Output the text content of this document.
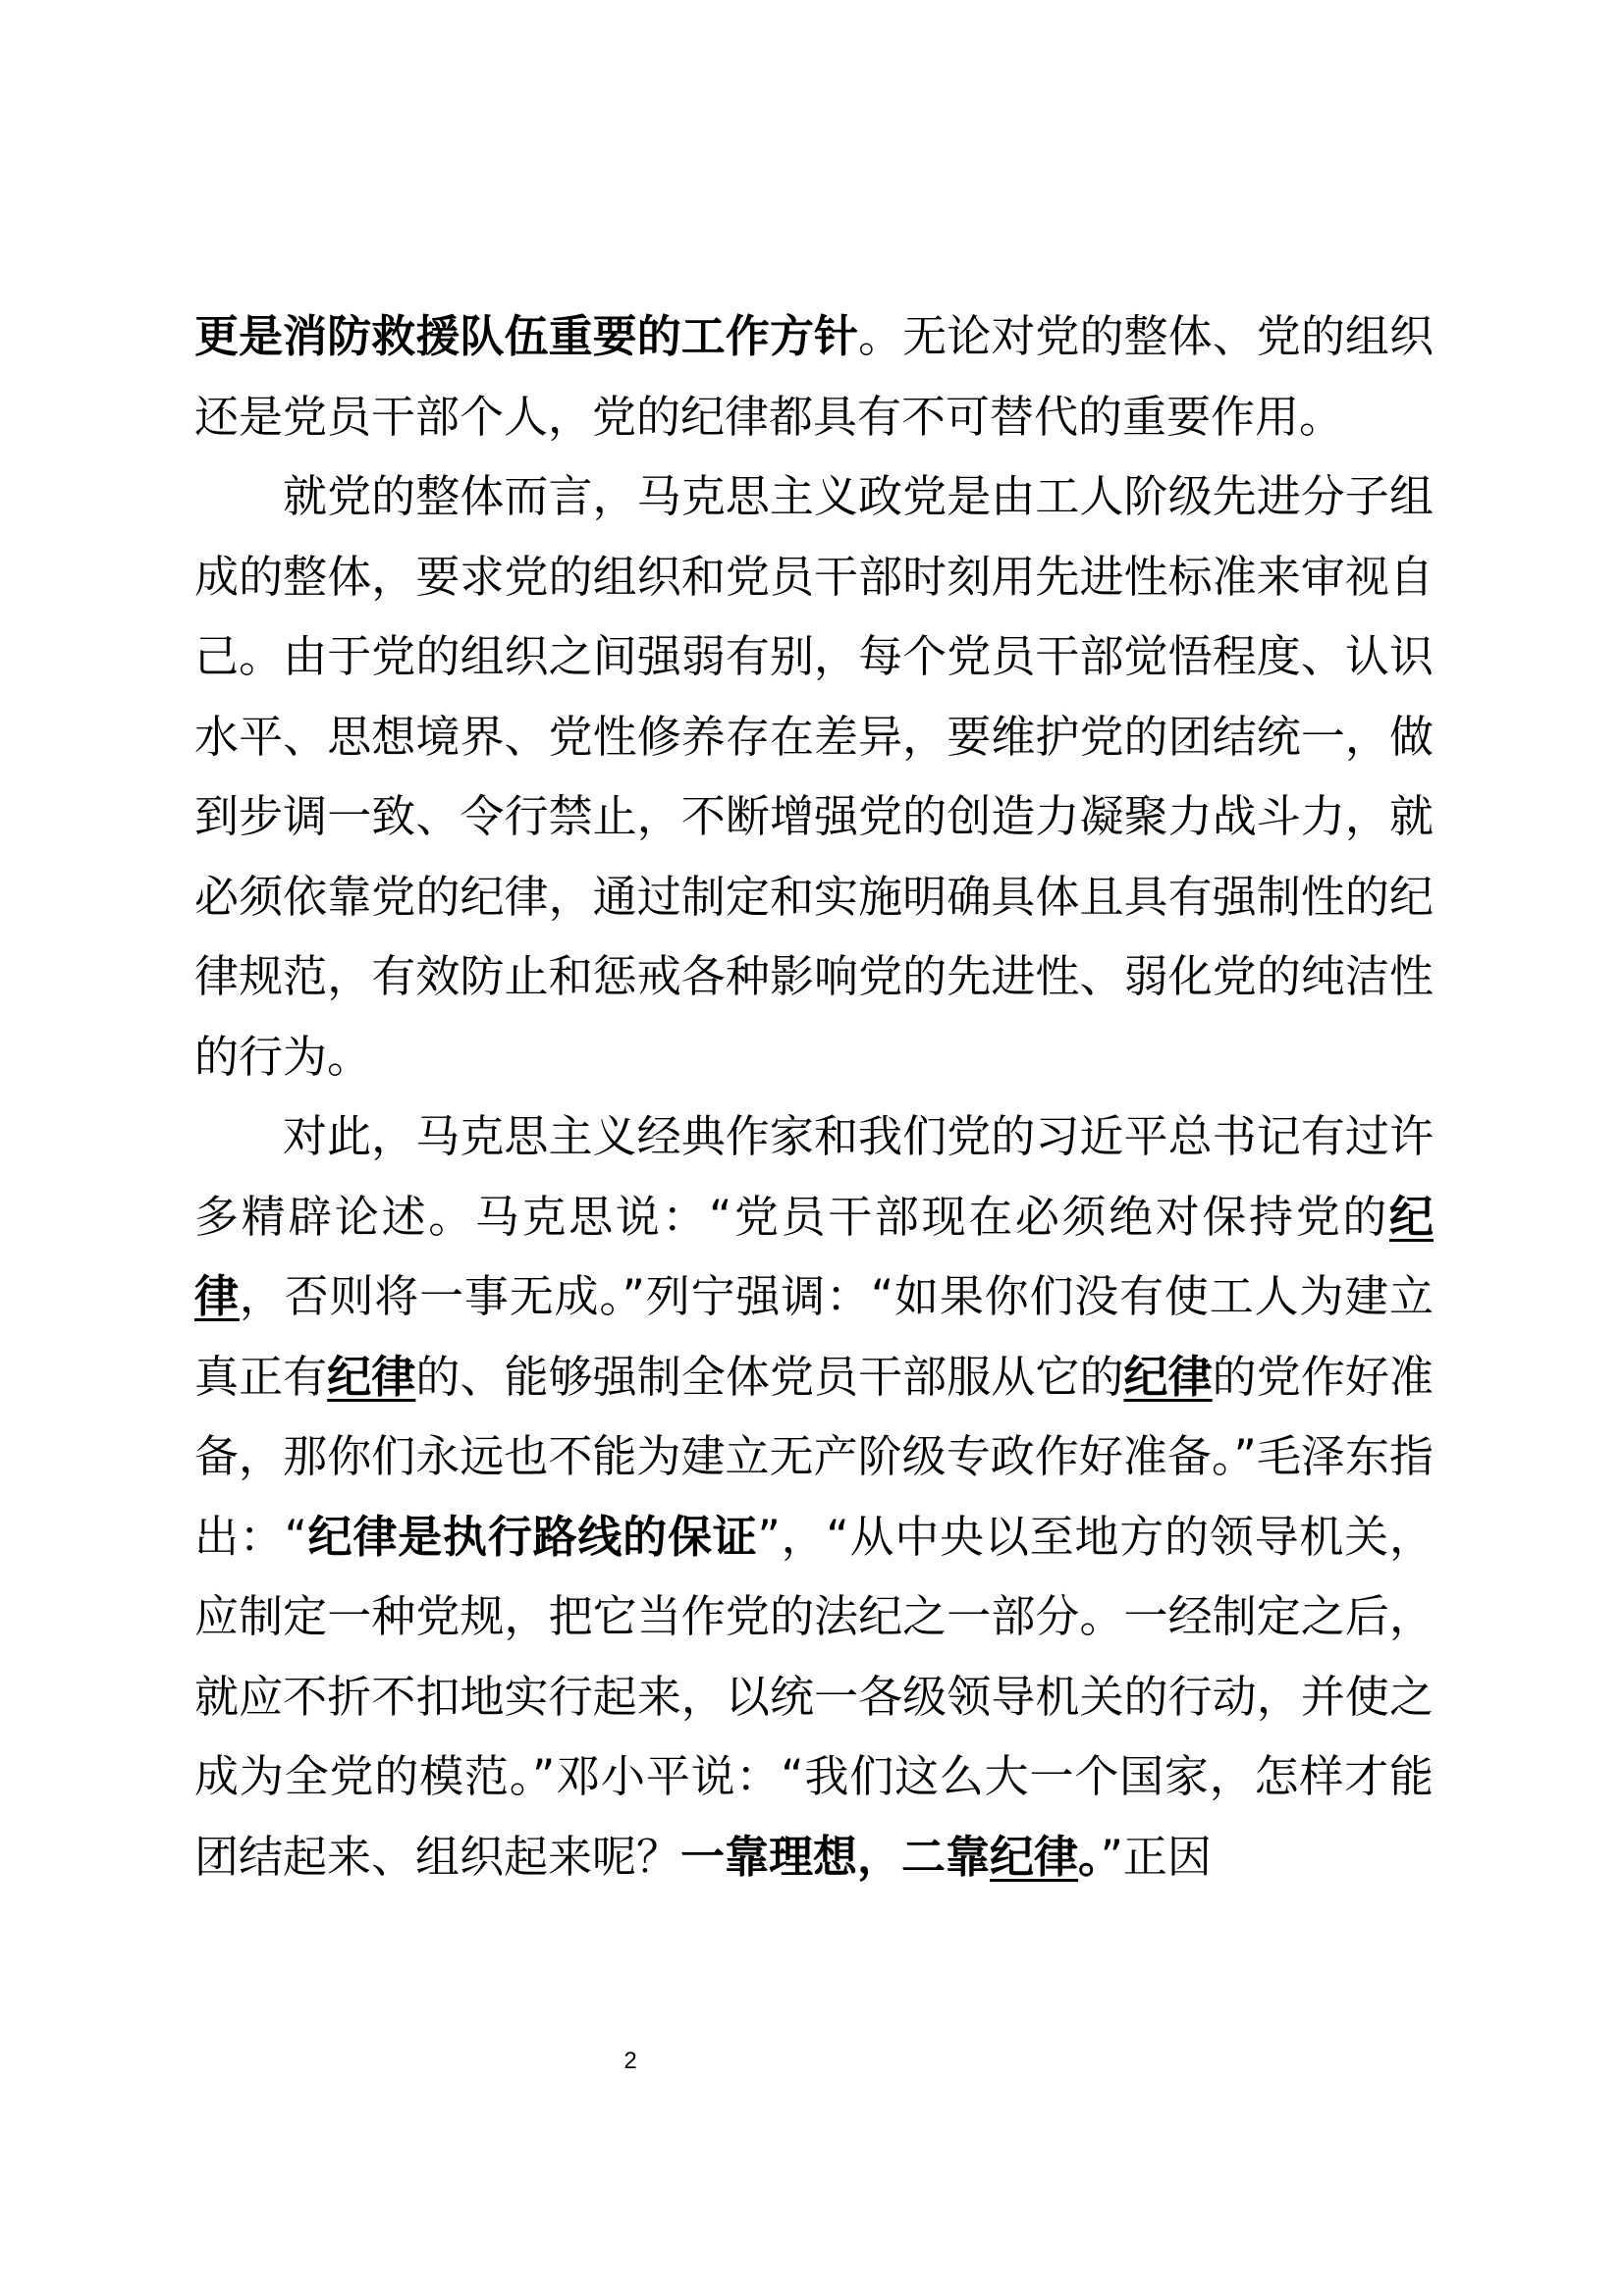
更是消防救援队伍重要的工作方针。无论对党的整体、党的组织还是党员干部个人，党的纪律都具有不可替代的重要作用。

就党的整体而言，马克思主义政党是由工人阶级先进分子组成的整体，要求党的组织和党员干部时刻用先进性标准来审视自己。由于党的组织之间强弱有别，每个党员干部觉悟程度、认识水平、思想境界、党性修养存在差异，要维护党的团结统一，做到步调一致、令行禁止，不断增强党的创造力凝聚力战斗力，就必须依靠党的纪律，通过制定和实施明确具体且具有强制性的纪律规范，有效防止和惩戒各种影响党的先进性、弱化党的纯洁性的行为。

对此，马克思主义经典作家和我们党的习近平总书记有过许多精辟论述。马克思说：“党员干部现在必须绝对保持党的纪律，否则将一事无成。”列宁强调：“如果你们没有使工人为建立真正有纪律的、能够强制全体党员干部服从它的纪律的党作好准备，那你们永远也不能为建立无产阶级专政作好准备。”毛泽东指出：“纪律是执行路线的保证”，“从中央以至地方的领导机关，应制定一种党规，把它当作党的法纪之一部分。一经制定之后，就应不折不扣地实行起来，以统一各级领导机关的行动，并使之成为全党的模范。”邓小平说：“我们这么大一个国家，怎样才能团结起来、组织起来呢？一靠理想，二靠纪律。”正因

2
